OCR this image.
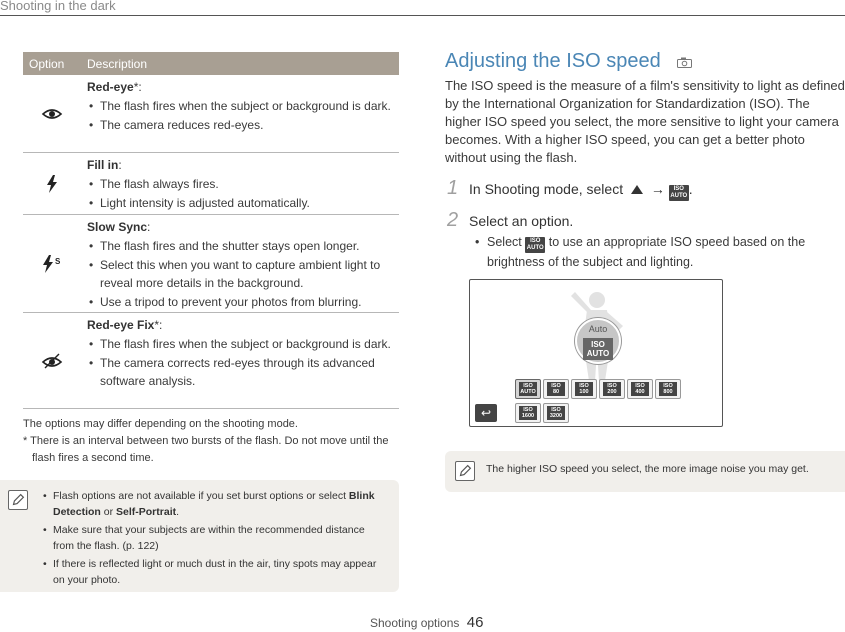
Shooting in the dark
Option	Description
Red-eye*:
• The flash fires when the subject or background is dark.
• The camera reduces red-eyes.
Fill in:
• The flash always fires.
• Light intensity is adjusted automatically.
S
Slow Sync:
• The flash fires and the shutter stays open longer.
• Select this when you want to capture ambient light to reveal more details in the background.
• Use a tripod to prevent your photos from blurring.
Red-eye Fix*:
• The flash fires when the subject or background is dark.
• The camera corrects red-eyes through its advanced software analysis.
The options may differ depending on the shooting mode.
* There is an interval between two bursts of the flash. Do not move until the flash fires a second time.
• Flash options are not available if you set burst options or select Blink Detection or Self-Portrait.
• Make sure that your subjects are within the recommended distance from the flash. (p. 122)
• If there is reflected light or much dust in the air, tiny spots may appear on your photo.
Adjusting the ISO speed
The ISO speed is the measure of a film's sensitivity to light as defined by the International Organization for Standardization (ISO). The higher ISO speed you select, the more sensitive to light your camera becomes. With a higher ISO speed, you can get a better photo without using the flash.
1 In Shooting mode, select → ISO
AUTO .
2 Select an option.
• Select ISO
AUTO to use an appropriate ISO speed based on the brightness of the subject and lighting.
Auto
ISO
AUTO
ISO
AUTO
ISO
80
ISO
100
ISO
200
ISO
400
ISO
800
ISO
1600
ISO
3200
↩
The higher ISO speed you select, the more image noise you may get.
Shooting options 46
